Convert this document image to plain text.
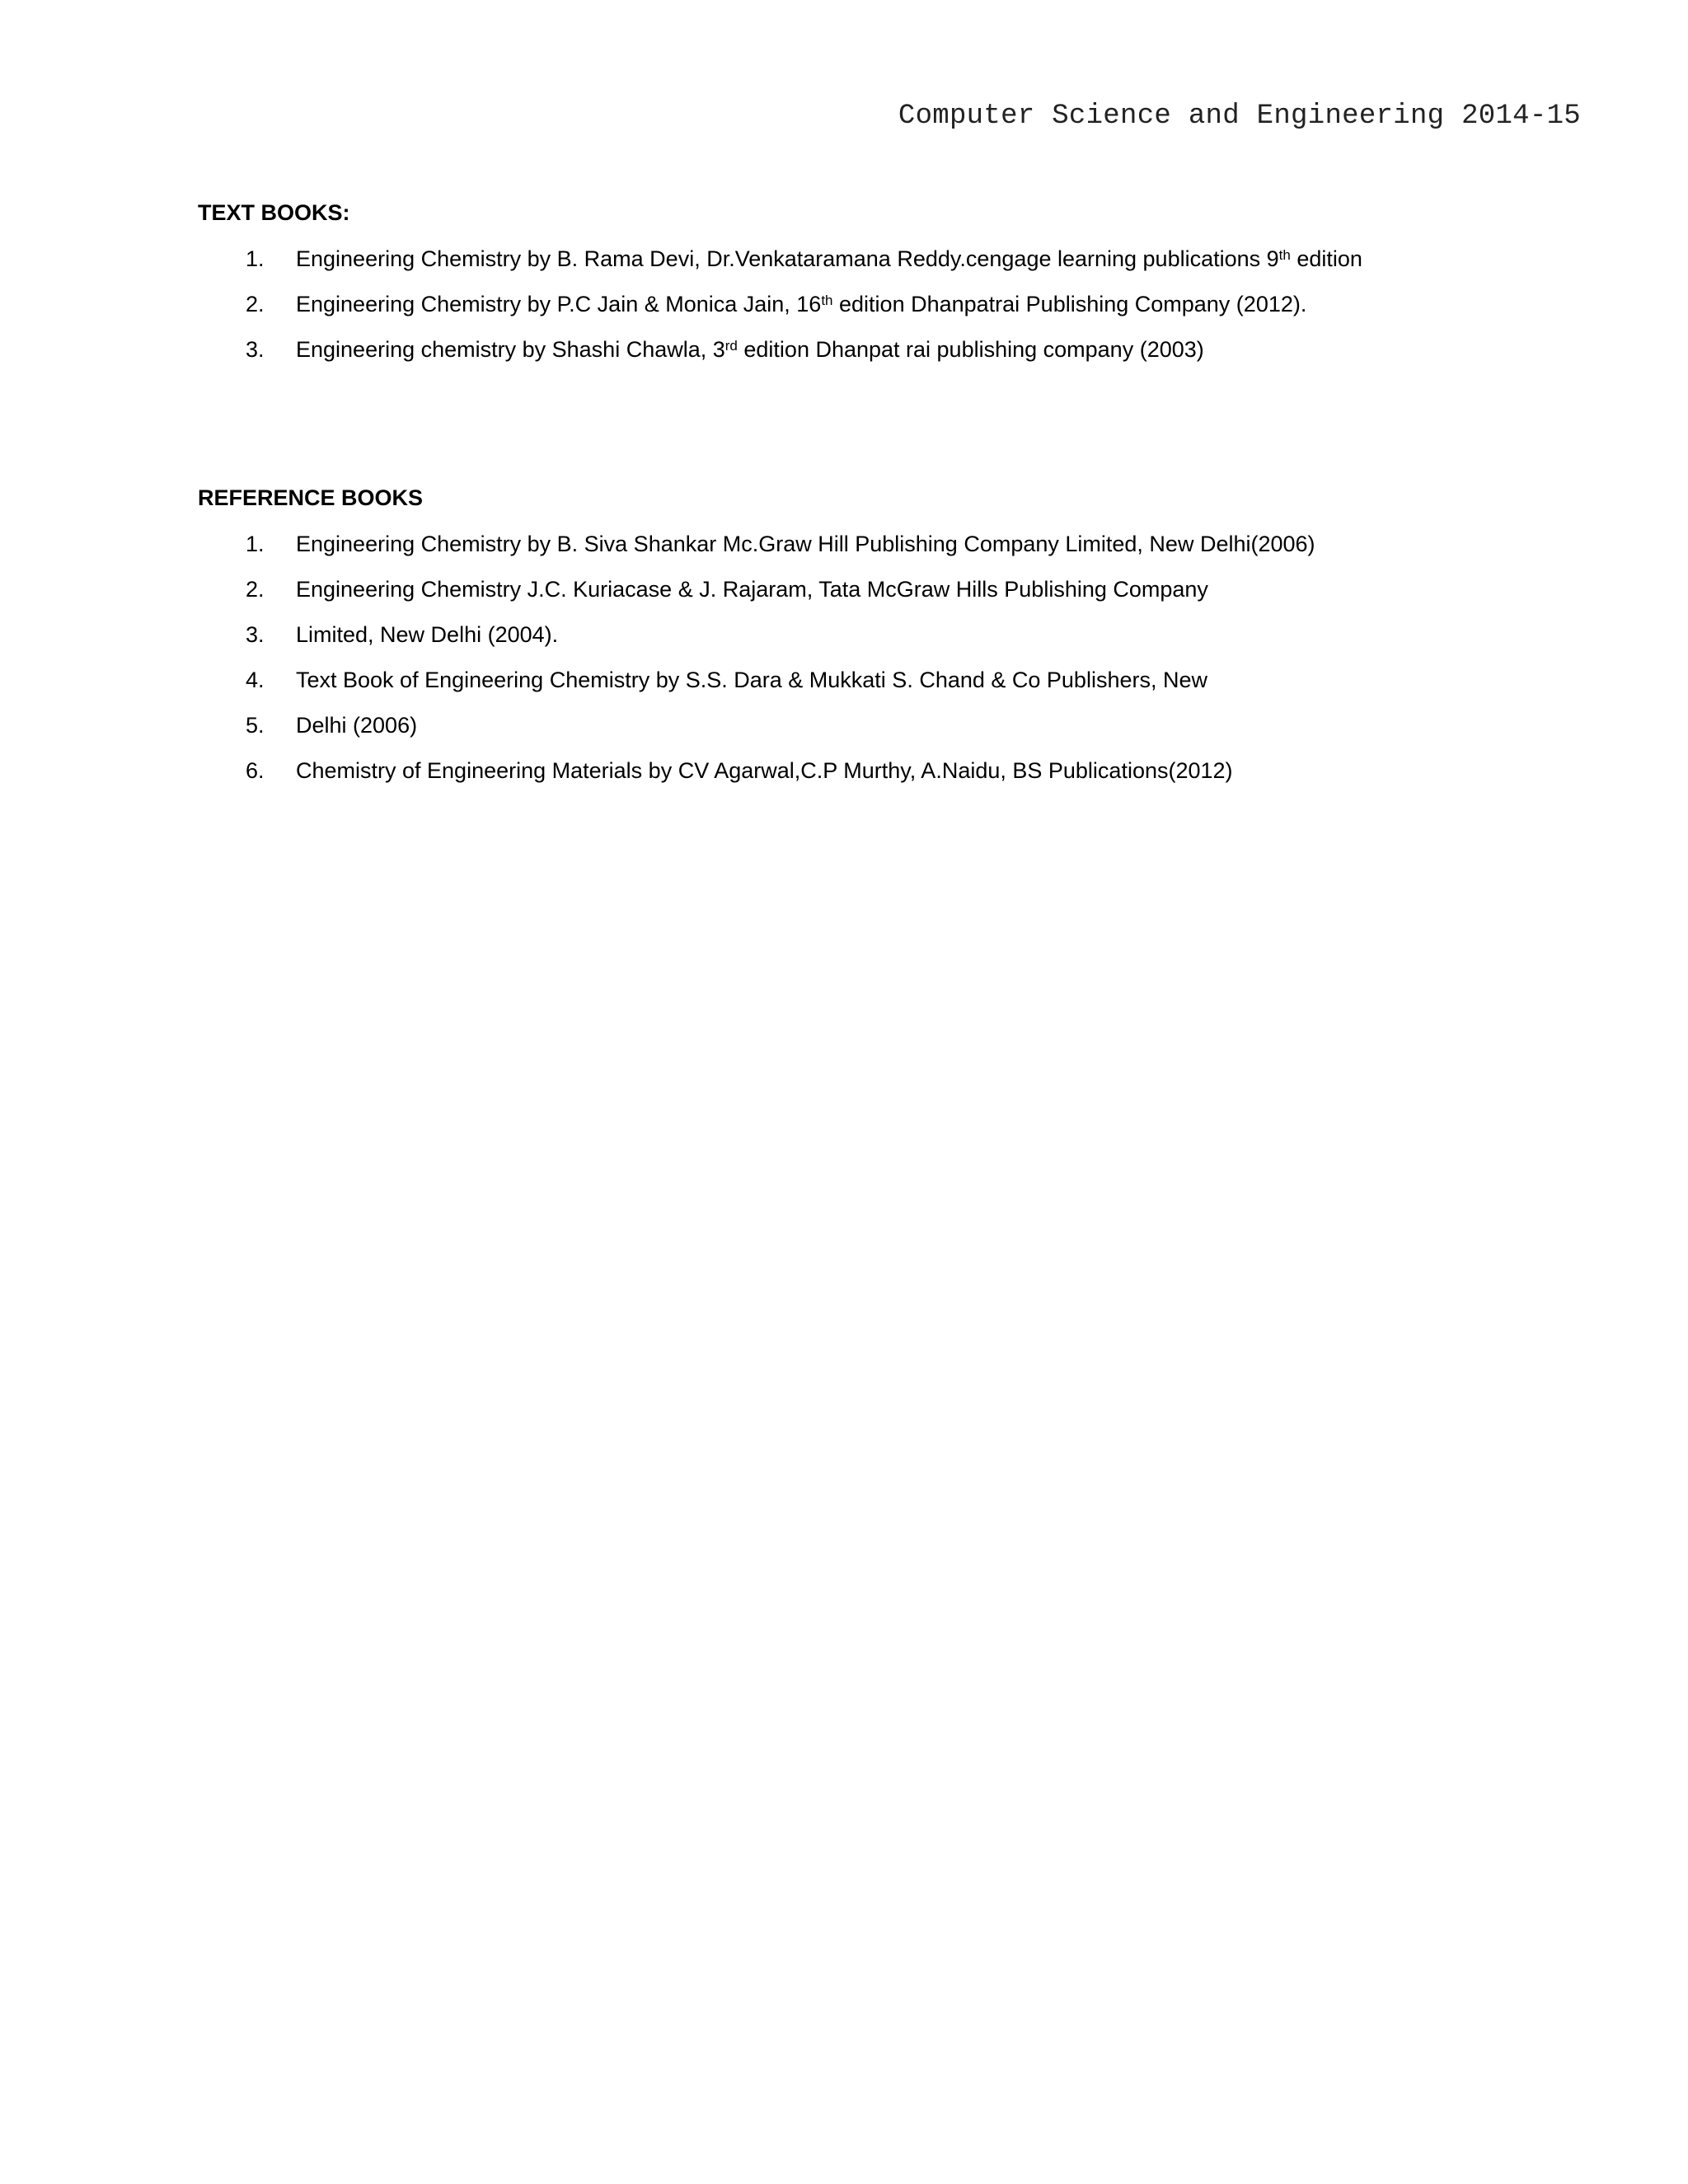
Computer Science and Engineering 2014-15
TEXT BOOKS:
1. Engineering Chemistry by B. Rama Devi, Dr.Venkataramana Reddy.cengage learning publications 9th edition
2. Engineering Chemistry by P.C Jain & Monica Jain, 16th edition Dhanpatrai Publishing Company (2012).
3. Engineering chemistry by Shashi Chawla, 3rd edition Dhanpat rai publishing company (2003)
REFERENCE BOOKS
1. Engineering Chemistry by B. Siva Shankar Mc.Graw Hill Publishing Company Limited, New Delhi(2006)
2. Engineering Chemistry J.C. Kuriacase & J. Rajaram, Tata McGraw Hills Publishing Company
3. Limited, New Delhi (2004).
4. Text Book of Engineering Chemistry by S.S. Dara & Mukkati S. Chand & Co Publishers, New
5. Delhi (2006)
6. Chemistry of Engineering Materials by CV Agarwal,C.P Murthy, A.Naidu, BS Publications(2012)
